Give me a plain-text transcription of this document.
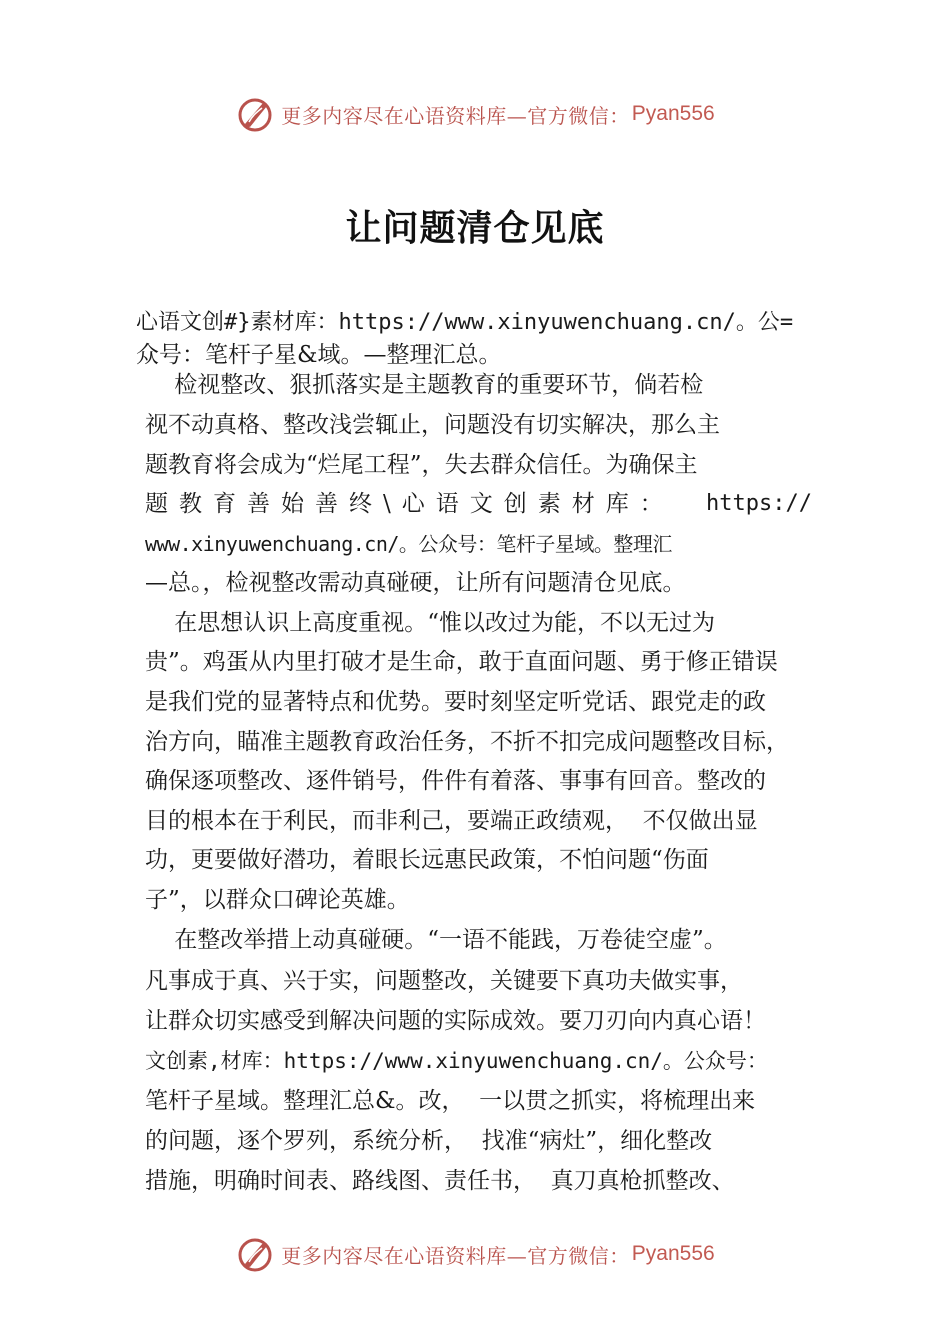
更多内容尽在心语资料库—官方微信： Pyan556
让问题清仓见底
心语文创#}素材库：https://www.xinyuwenchuang.cn/。公=
众号：笔杆子星&域。—整理汇总。
检视整改、狠抓落实是主题教育的重要环节，倘若检
视不动真格、整改浅尝辄止，问题没有切实解决，那么主
题教育将会成为“烂尾工程”，失去群众信任。为确保主
题教育善始善终\心语文创素材库： https://
www.xinyuwenchuang.cn/。公众号：笔杆子星域。整理汇
—总。，检视整改需动真碰硬，让所有问题清仓见底。
在思想认识上高度重视。“惟以改过为能，不以无过为
贵”。鸡蛋从内里打破才是生命，敢于直面问题、勇于修正错误
是我们党的显著特点和优势。要时刻坚定听党话、跟党走的政
治方向，瞄准主题教育政治任务，不折不扣完成问题整改目标，
确保逐项整改、逐件销号，件件有着落、事事有回音。整改的
目的根本在于利民，而非利己，要端正政绩观，  不仅做出显
功，更要做好潜功，着眼长远惠民政策，不怕问题“伤面
子”，以群众口碑论英雄。
在整改举措上动真碰硬。“一语不能践，万卷徒空虚”。
凡事成于真、兴于实，问题整改，关键要下真功夫做实事，
让群众切实感受到解决问题的实际成效。要刀刃向内真心语！
文创素,材库：https://www.xinyuwenchuang.cn/。公众号：
笔杆子星域。整理汇总&。改，  一以贯之抓实，将梳理出来
的问题，逐个罗列，系统分析，  找准“病灶”，细化整改
措施，明确时间表、路线图、责任书，  真刀真枪抓整改、
更多内容尽在心语资料库—官方微信： Pyan556
